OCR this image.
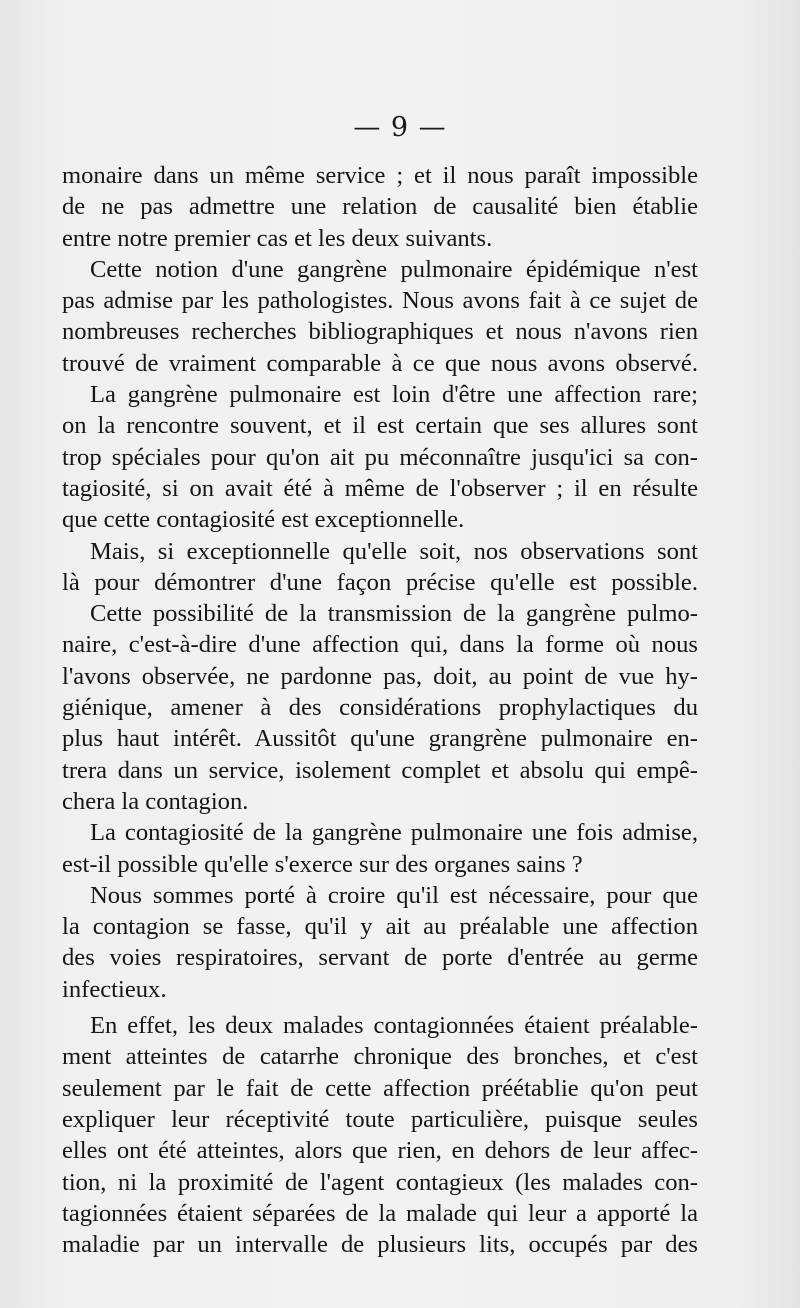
— 9 —
monaire dans un même service ; et il nous paraît impossible
de ne pas admettre une relation de causalité bien établie
entre notre premier cas et les deux suivants.
Cette notion d'une gangrène pulmonaire épidémique n'est
pas admise par les pathologistes. Nous avons fait à ce sujet de
nombreuses recherches bibliographiques et nous n'avons rien
trouvé de vraiment comparable à ce que nous avons observé.
La gangrène pulmonaire est loin d'être une affection rare;
on la rencontre souvent, et il est certain que ses allures sont
trop spéciales pour qu'on ait pu méconnaître jusqu'ici sa con-
tagiosité, si on avait été à même de l'observer ; il en résulte
que cette contagiosité est exceptionnelle.
Mais, si exceptionnelle qu'elle soit, nos observations sont
là pour démontrer d'une façon précise qu'elle est possible.
Cette possibilité de la transmission de la gangrène pulmo-
naire, c'est-à-dire d'une affection qui, dans la forme où nous
l'avons observée, ne pardonne pas, doit, au point de vue hy-
giénique, amener à des considérations prophylactiques du
plus haut intérêt. Aussitôt qu'une grangrène pulmonaire en-
trera dans un service, isolement complet et absolu qui empê-
chera la contagion.
La contagiosité de la gangrène pulmonaire une fois admise,
est-il possible qu'elle s'exerce sur des organes sains ?
Nous sommes porté à croire qu'il est nécessaire, pour que
la contagion se fasse, qu'il y ait au préalable une affection
des voies respiratoires, servant de porte d'entrée au germe
infectieux.
En effet, les deux malades contagionnées étaient préalable-
ment atteintes de catarrhe chronique des bronches, et c'est
seulement par le fait de cette affection préétablie qu'on peut
expliquer leur réceptivité toute particulière, puisque seules
elles ont été atteintes, alors que rien, en dehors de leur affec-
tion, ni la proximité de l'agent contagieux (les malades con-
tagionnées étaient séparées de la malade qui leur a apporté la
maladie par un intervalle de plusieurs lits, occupés par des
